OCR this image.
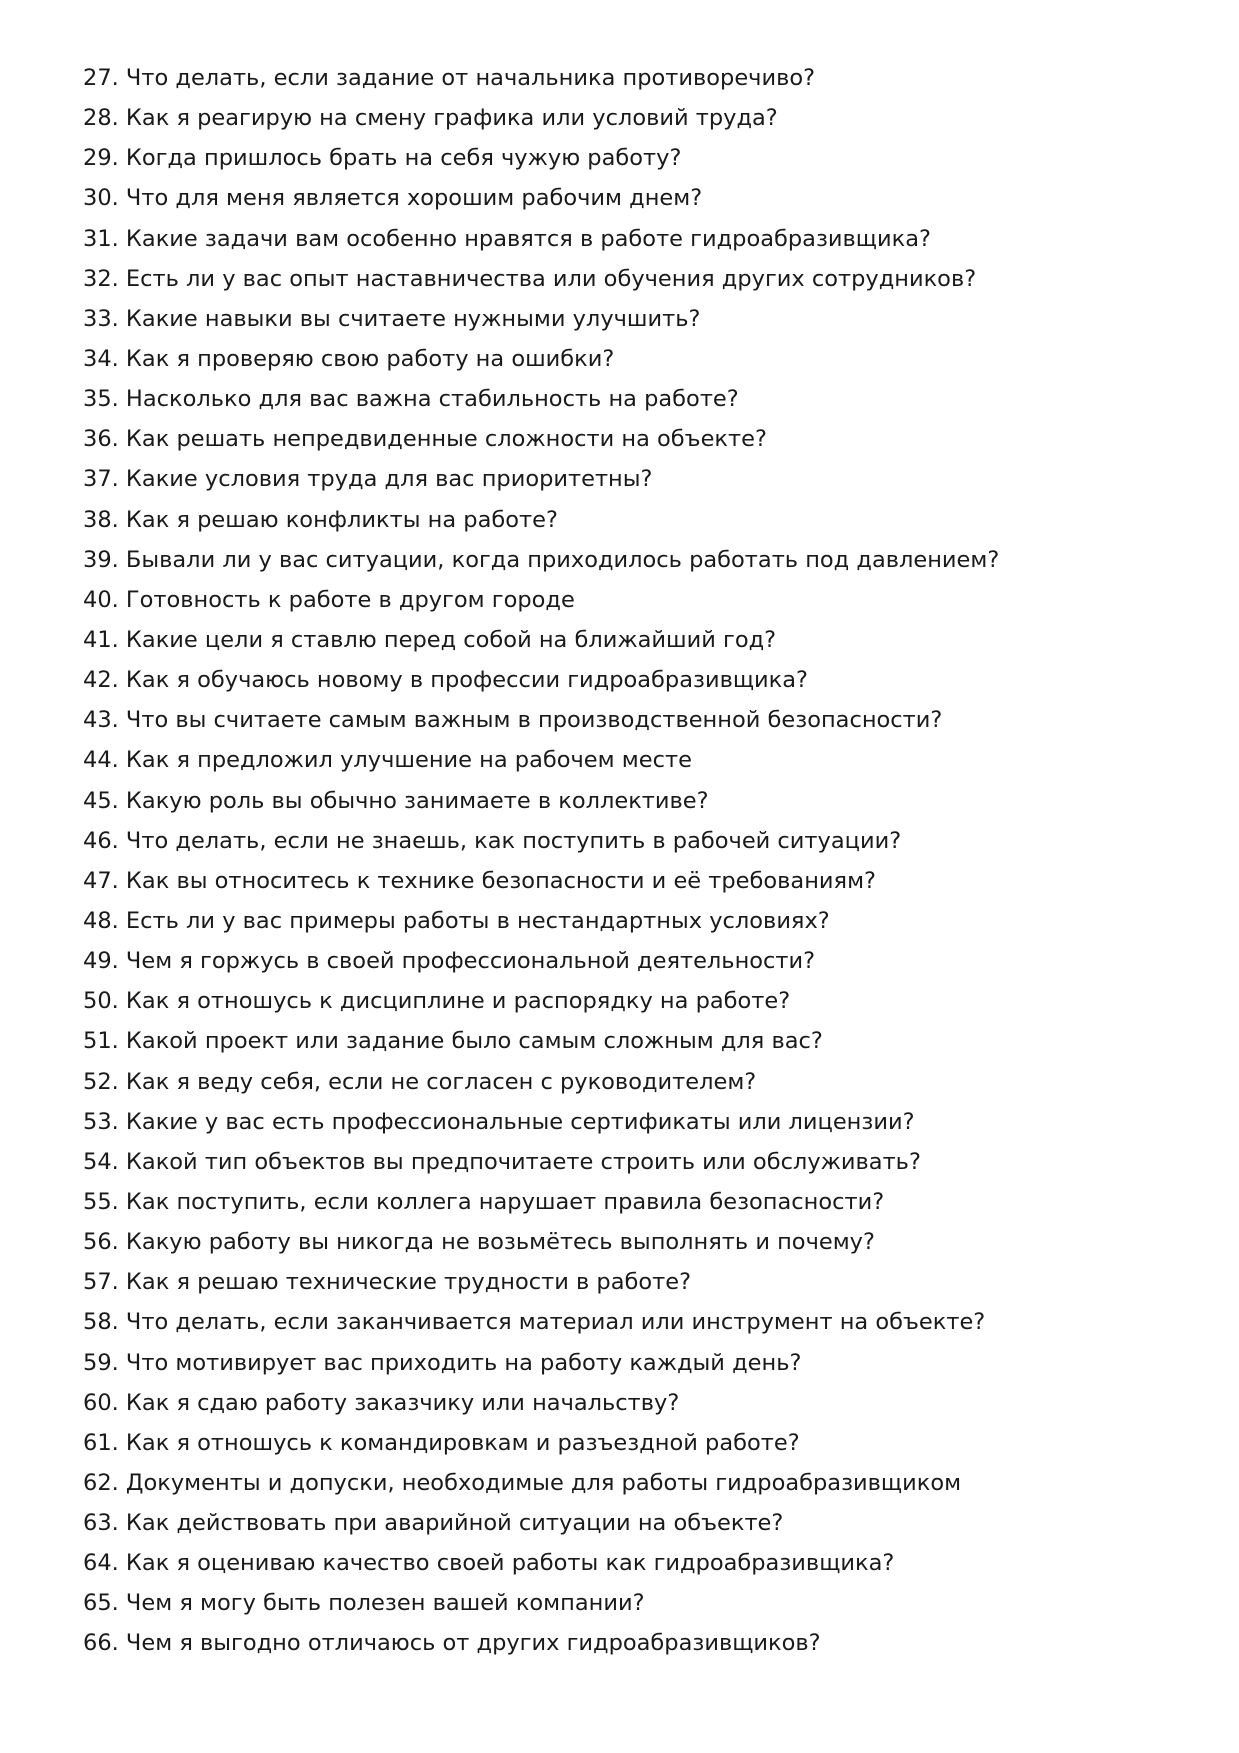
27. Что делать, если задание от начальника противоречиво?
28. Как я реагирую на смену графика или условий труда?
29. Когда пришлось брать на себя чужую работу?
30. Что для меня является хорошим рабочим днем?
31. Какие задачи вам особенно нравятся в работе гидроабразивщика?
32. Есть ли у вас опыт наставничества или обучения других сотрудников?
33. Какие навыки вы считаете нужными улучшить?
34. Как я проверяю свою работу на ошибки?
35. Насколько для вас важна стабильность на работе?
36. Как решать непредвиденные сложности на объекте?
37. Какие условия труда для вас приоритетны?
38. Как я решаю конфликты на работе?
39. Бывали ли у вас ситуации, когда приходилось работать под давлением?
40. Готовность к работе в другом городе
41. Какие цели я ставлю перед собой на ближайший год?
42. Как я обучаюсь новому в профессии гидроабразивщика?
43. Что вы считаете самым важным в производственной безопасности?
44. Как я предложил улучшение на рабочем месте
45. Какую роль вы обычно занимаете в коллективе?
46. Что делать, если не знаешь, как поступить в рабочей ситуации?
47. Как вы относитесь к технике безопасности и её требованиям?
48. Есть ли у вас примеры работы в нестандартных условиях?
49. Чем я горжусь в своей профессиональной деятельности?
50. Как я отношусь к дисциплине и распорядку на работе?
51. Какой проект или задание было самым сложным для вас?
52. Как я веду себя, если не согласен с руководителем?
53. Какие у вас есть профессиональные сертификаты или лицензии?
54. Какой тип объектов вы предпочитаете строить или обслуживать?
55. Как поступить, если коллега нарушает правила безопасности?
56. Какую работу вы никогда не возьмётесь выполнять и почему?
57. Как я решаю технические трудности в работе?
58. Что делать, если заканчивается материал или инструмент на объекте?
59. Что мотивирует вас приходить на работу каждый день?
60. Как я сдаю работу заказчику или начальству?
61. Как я отношусь к командировкам и разъездной работе?
62. Документы и допуски, необходимые для работы гидроабразивщиком
63. Как действовать при аварийной ситуации на объекте?
64. Как я оцениваю качество своей работы как гидроабразивщика?
65. Чем я могу быть полезен вашей компании?
66. Чем я выгодно отличаюсь от других гидроабразивщиков?
